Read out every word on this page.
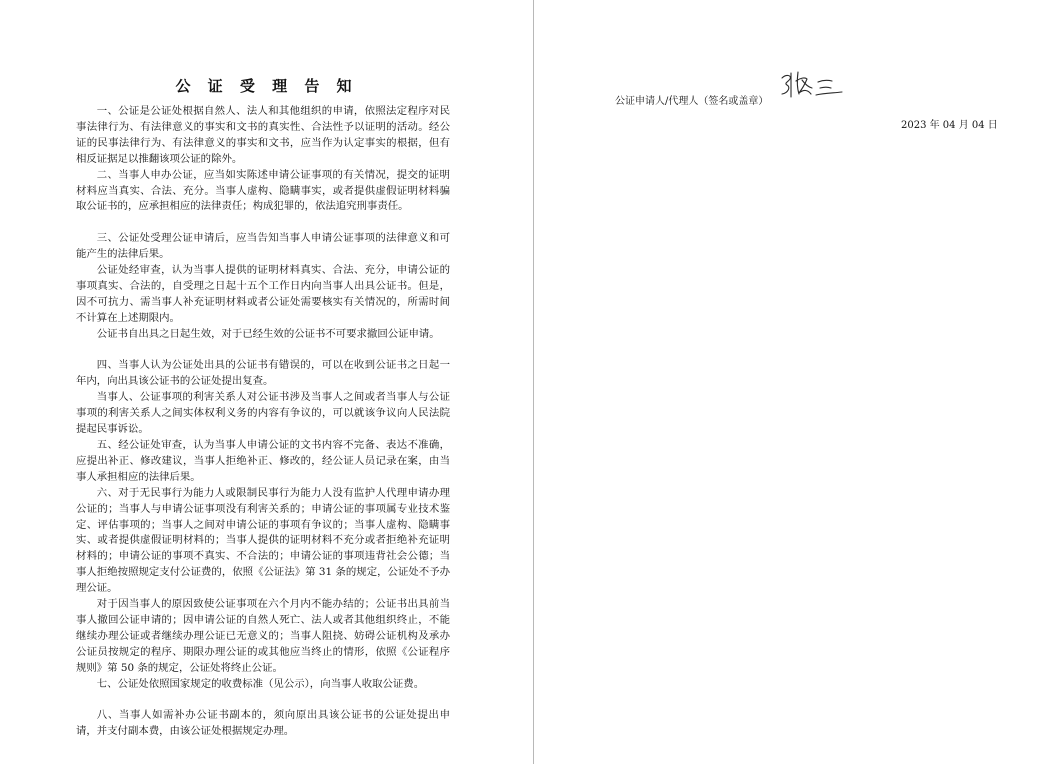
公 证 受 理 告 知

一、公证是公证处根据自然人、法人和其他组织的申请，依照法定程序对民事法律行为、有法律意义的事实和文书的真实性、合法性予以证明的活动。经公证的民事法律行为、有法律意义的事实和文书，应当作为认定事实的根据，但有相反证据足以推翻该项公证的除外。

二、当事人申办公证，应当如实陈述申请公证事项的有关情况，提交的证明材料应当真实、合法、充分。当事人虚构、隐瞒事实，或者提供虚假证明材料骗取公证书的，应承担相应的法律责任；构成犯罪的，依法追究刑事责任。

三、公证处受理公证申请后，应当告知当事人申请公证事项的法律意义和可能产生的法律后果。

公证处经审查，认为当事人提供的证明材料真实、合法、充分，申请公证的事项真实、合法的，自受理之日起十五个工作日内向当事人出具公证书。但是，因不可抗力、需当事人补充证明材料或者公证处需要核实有关情况的，所需时间不计算在上述期限内。

公证书自出具之日起生效，对于已经生效的公证书不可要求撤回公证申请。

四、当事人认为公证处出具的公证书有错误的，可以在收到公证书之日起一年内，向出具该公证书的公证处提出复查。

当事人、公证事项的利害关系人对公证书涉及当事人之间或者当事人与公证事项的利害关系人之间实体权利义务的内容有争议的，可以就该争议向人民法院提起民事诉讼。

五、经公证处审查，认为当事人申请公证的文书内容不完备、表达不准确，应提出补正、修改建议，当事人拒绝补正、修改的，经公证人员记录在案，由当事人承担相应的法律后果。

六、对于无民事行为能力人或限制民事行为能力人没有监护人代理申请办理公证的；当事人与申请公证事项没有利害关系的；申请公证的事项属专业技术鉴定、评估事项的；当事人之间对申请公证的事项有争议的；当事人虚构、隐瞒事实、或者提供虚假证明材料的；当事人提供的证明材料不充分或者拒绝补充证明材料的；申请公证的事项不真实、不合法的；申请公证的事项违背社会公德；当事人拒绝按照规定支付公证费的，依照《公证法》第 31 条的规定，公证处不予办理公证。

对于因当事人的原因致使公证事项在六个月内不能办结的；公证书出具前当事人撤回公证申请的；因申请公证的自然人死亡、法人或者其他组织终止，不能继续办理公证或者继续办理公证已无意义的；当事人阻挠、妨碍公证机构及承办公证员按规定的程序、期限办理公证的或其他应当终止的情形，依照《公证程序规则》第 50 条的规定，公证处将终止公证。

七、公证处依照国家规定的收费标准（见公示），向当事人收取公证费。

八、当事人如需补办公证书副本的，须向原出具该公证书的公证处提出申请，并支付副本费，由该公证处根据规定办理。

公证申请人/代理人（签名或盖章）
2023 年 04 月 04 日
